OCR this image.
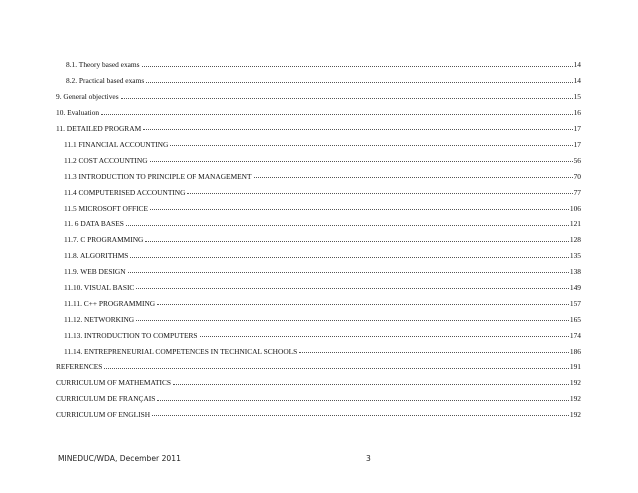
8.1. Theory based exams	14
8.2. Practical based exams	14
9. General objectives	15
10. Evaluation	16
11. DETAILED PROGRAM	17
11.1 FINANCIAL ACCOUNTING	17
11.2 COST ACCOUNTING	56
11.3 INTRODUCTION TO PRINCIPLE OF MANAGEMENT	70
11.4 COMPUTERISED ACCOUNTING	77
11.5 MICROSOFT OFFICE	106
11. 6 DATA BASES	121
11.7. C PROGRAMMING	128
11.8. ALGORITHMS	135
11.9. WEB DESIGN	138
11.10. VISUAL BASIC	149
11.11. C++ PROGRAMMING	157
11.12. NETWORKING	165
11.13. INTRODUCTION TO COMPUTERS	174
11.14. ENTREPRENEURIAL COMPETENCES IN TECHNICAL SCHOOLS	186
REFERENCES	191
CURRICULUM OF MATHEMATICS	192
CURRICULUM DE FRANÇAIS	192
CURRICULUM OF ENGLISH	192
MINEDUC/WDA, December 2011	3
